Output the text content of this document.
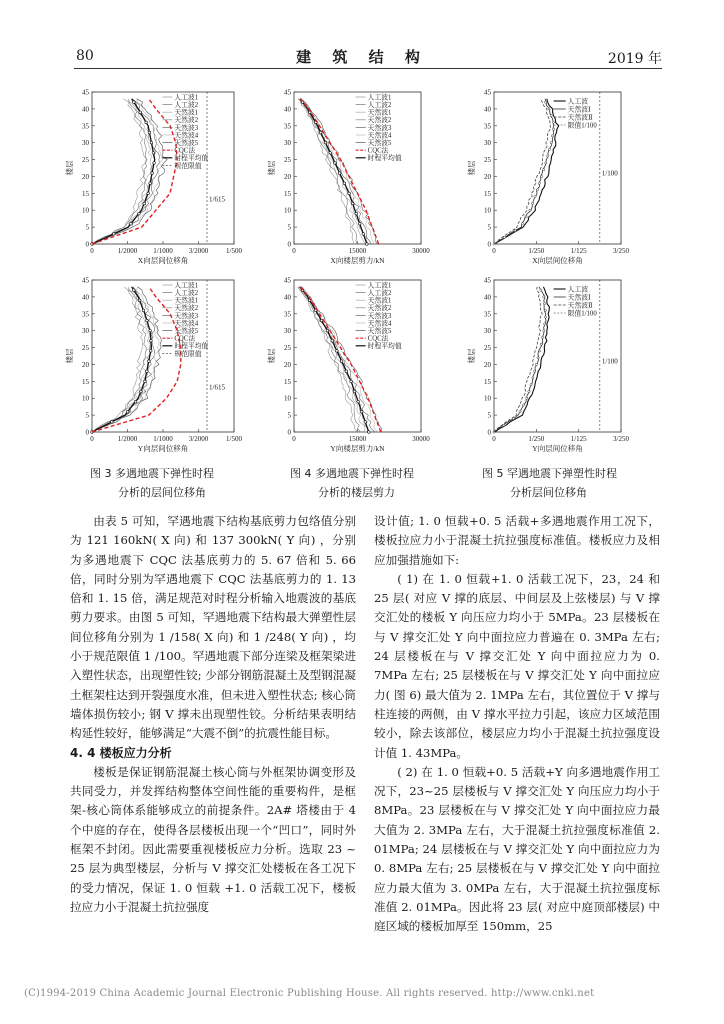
80	建 筑 结 构	2019 年
0
5
10
15
20
25
30
35
40
45
0	1/2000 1/1000 3/2000	1/500
X向层间位移角
楼层
1/615
人工波1
人工波2
天然波1
天然波2
天然波3
天然波4
天然波5
CQC法
时程平均值
规范限值
0
5
10
15
20
25
30
35
40
45
0	1/2000 1/1000 3/2000	1/500
Y向层间位移角
楼层
1/615
人工波1
人工波2
天然波1
天然波2
天然波3
天然波4
天然波5
CQC法
时程平均值
规范限值
0
5
10
15
20
25
30
35
40
45
0	15000	30000
X向楼层剪力/kN
楼层
人工波1
人工波2
天然波1
天然波2
天然波3
天然波4
天然波5
CQC法
时程平均值
0
5
10
15
20
25
30
35
40
45
0	15000	30000
Y向楼层剪力/kN
楼层
人工波1
人工波2
天然波1
天然波2
天然波3
天然波4
天然波5
CQC法
时程平均值
0
5
10
15
20
25
30
35
40
45
0	1/250	1/125	3/250
X向层间位移角
楼层	1/100
人工波
天然波Ⅰ
天然波Ⅱ
限值1/100
0
5
10
15
20
25
30
35
40
45
0	1/250	1/125	3/250
Y向层间位移角
楼层	1/100
人工波
天然波Ⅰ
天然波Ⅱ
限值1/100
图 3 多遇地震下弹性时程
分析的层间位移角
图 4 多遇地震下弹性时程
分析的楼层剪力
图 5 罕遇地震下弹塑性时程
分析层间位移角

由表 5 可知，罕遇地震下结构基底剪力包络值分别为 121 160kN( X 向) 和 137 300kN( Y 向) ，分别为多遇地震下 CQC 法基底剪力的 5. 67 倍和 5. 66 倍，同时分别为罕遇地震下 CQC 法基底剪力的 1. 13 倍和 1. 15 倍，满足规范对时程分析输入地震波的基底剪力要求。由图 5 可知，罕遇地震下结构最大弹塑性层间位移角分别为 1 /158( X 向) 和 1 /248( Y 向) ，均小于规范限值 1 /100。罕遇地震下部分连梁及框架梁进入塑性状态，出现塑性铰; 少部分钢筋混凝土及型钢混凝土框架柱达到开裂强度水准，但未进入塑性状态; 核心筒墙体损伤较小; 钢 V 撑未出现塑性铰。分析结果表明结构延性较好，能够满足“大震不倒”的抗震性能目标。

4. 4 楼板应力分析

楼板是保证钢筋混凝土核心筒与外框架协调变形及共同受力，并发挥结构整体空间性能的重要构件，是框架-核心筒体系能够成立的前提条件。2A# 塔楼由于 4 个中庭的存在，使得各层楼板出现一个“凹口”，同时外框架不封闭。因此需要重视楼板应力分析。选取 23 ~ 25 层为典型楼层，分析与 V 撑交汇处楼板在各工况下的受力情况，保证 1. 0 恒载 +1. 0 活载工况下，楼板拉应力小于混凝土抗拉强度

设计值; 1. 0 恒载+0. 5 活载+多遇地震作用工况下，楼板拉应力小于混凝土抗拉强度标准值。楼板应力及相应加强措施如下:

( 1) 在 1. 0 恒载+1. 0 活载工况下，23，24 和 25 层( 对应 V 撑的底层、中间层及上弦楼层) 与 V 撑交汇处的楼板 Y 向压应力均小于 5MPa。23 层楼板在与 V 撑交汇处 Y 向中面拉应力普遍在 0. 3MPa 左右; 24 层楼板在与 V 撑交汇处 Y 向中面拉应力为 0. 7MPa 左右; 25 层楼板在与 V 撑交汇处 Y 向中面拉应力( 图 6) 最大值为 2. 1MPa 左右，其位置位于 V 撑与柱连接的两侧，由 V 撑水平拉力引起，该应力区域范围较小，除去该部位，楼层应力均小于混凝土抗拉强度设计值 1. 43MPa。

( 2) 在 1. 0 恒载+0. 5 活载+Y 向多遇地震作用工况下，23~25 层楼板与 V 撑交汇处 Y 向压应力均小于 8MPa。23 层楼板在与 V 撑交汇处 Y 向中面拉应力最大值为 2. 3MPa 左右，大于混凝土抗拉强度标准值 2. 01MPa; 24 层楼板在与 V 撑交汇处 Y 向中面拉应力为 0. 8MPa 左右; 25 层楼板在与 V 撑交汇处 Y 向中面拉应力最大值为 3. 0MPa 左右，大于混凝土抗拉强度标准值 2. 01MPa。因此将 23 层( 对应中庭顶部楼层) 中庭区域的楼板加厚至 150mm，25

(C)1994-2019 China Academic Journal Electronic Publishing House. All rights reserved. http://www.cnki.net
